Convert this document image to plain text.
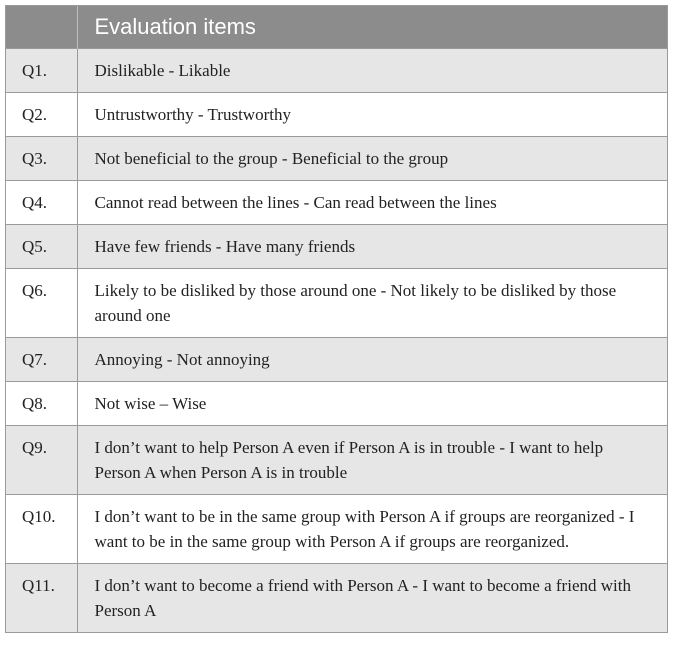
	Evaluation items
Q1.	Dislikable - Likable
Q2.	Untrustworthy - Trustworthy
Q3.	Not beneficial to the group - Beneficial to the group
Q4.	Cannot read between the lines - Can read between the lines
Q5.	Have few friends - Have many friends
Q6.	Likely to be disliked by those around one - Not likely to be disliked by those around one
Q7.	Annoying - Not annoying
Q8.	Not wise – Wise
Q9.	I don’t want to help Person A even if Person A is in trouble - I want to help Person A when Person A is in trouble
Q10.	I don’t want to be in the same group with Person A if groups are reorganized - I want to be in the same group with Person A if groups are reorganized.
Q11.	I don’t want to become a friend with Person A - I want to become a friend with Person A
